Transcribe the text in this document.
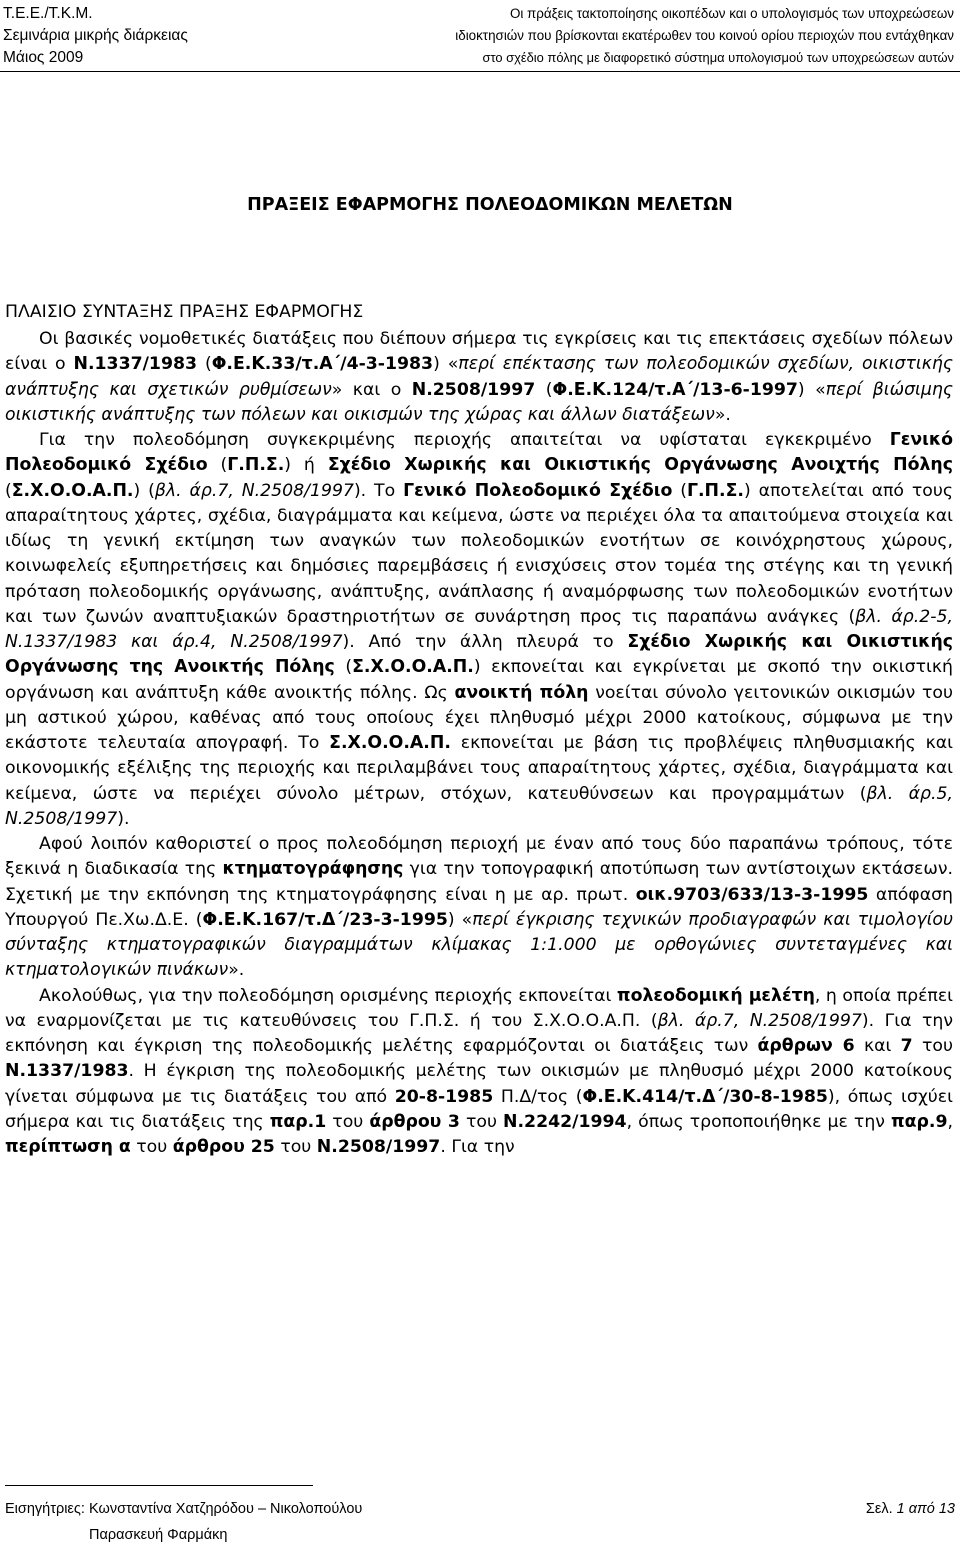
Τ.Ε.Ε./Τ.Κ.Μ.
Σεμινάρια μικρής διάρκειας
Μάιος 2009
Οι πράξεις τακτοποίησης οικοπέδων και ο υπολογισμός των υποχρεώσεων
ιδιοκτησιών που βρίσκονται εκατέρωθεν του κοινού ορίου περιοχών που εντάχθηκαν
στο σχέδιο πόλης με διαφορετικό σύστημα υπολογισμού των υποχρεώσεων αυτών
ΠΡΑΞΕΙΣ ΕΦΑΡΜΟΓΗΣ ΠΟΛΕΟΔΟΜΙΚΩΝ ΜΕΛΕΤΩΝ
ΠΛΑΙΣΙΟ ΣΥΝΤΑΞΗΣ ΠΡΑΞΗΣ ΕΦΑΡΜΟΓΗΣ

Οι βασικές νομοθετικές διατάξεις που διέπουν σήμερα τις εγκρίσεις και τις επεκτάσεις σχεδίων πόλεων είναι ο Ν.1337/1983 (Φ.Ε.Κ.33/τ.Α΄/4-3-1983) «περί επέκτασης των πολεοδομικών σχεδίων, οικιστικής ανάπτυξης και σχετικών ρυθμίσεων» και ο Ν.2508/1997 (Φ.Ε.Κ.124/τ.Α΄/13-6-1997) «περί βιώσιμης οικιστικής ανάπτυξης των πόλεων και οικισμών της χώρας και άλλων διατάξεων».

Για την πολεοδόμηση συγκεκριμένης περιοχής απαιτείται να υφίσταται εγκεκριμένο Γενικό Πολεοδομικό Σχέδιο (Γ.Π.Σ.) ή Σχέδιο Χωρικής και Οικιστικής Οργάνωσης Ανοιχτής Πόλης (Σ.Χ.Ο.Ο.Α.Π.) (βλ. άρ.7, Ν.2508/1997). Το Γενικό Πολεοδομικό Σχέδιο (Γ.Π.Σ.) αποτελείται από τους απαραίτητους χάρτες, σχέδια, διαγράμματα και κείμενα, ώστε να περιέχει όλα τα απαιτούμενα στοιχεία και ιδίως τη γενική εκτίμηση των αναγκών των πολεοδομικών ενοτήτων σε κοινόχρηστους χώρους, κοινωφελείς εξυπηρετήσεις και δημόσιες παρεμβάσεις ή ενισχύσεις στον τομέα της στέγης και τη γενική πρόταση πολεοδομικής οργάνωσης, ανάπτυξης, ανάπλασης ή αναμόρφωσης των πολεοδομικών ενοτήτων και των ζωνών αναπτυξιακών δραστηριοτήτων σε συνάρτηση προς τις παραπάνω ανάγκες (βλ. άρ.2-5, Ν.1337/1983 και άρ.4, Ν.2508/1997). Από την άλλη πλευρά το Σχέδιο Χωρικής και Οικιστικής Οργάνωσης της Ανοικτής Πόλης (Σ.Χ.Ο.Ο.Α.Π.) εκπονείται και εγκρίνεται με σκοπό την οικιστική οργάνωση και ανάπτυξη κάθε ανοικτής πόλης. Ως ανοικτή πόλη νοείται σύνολο γειτονικών οικισμών του μη αστικού χώρου, καθένας από τους οποίους έχει πληθυσμό μέχρι 2000 κατοίκους, σύμφωνα με την εκάστοτε τελευταία απογραφή. Το Σ.Χ.Ο.Ο.Α.Π. εκπονείται με βάση τις προβλέψεις πληθυσμιακής και οικονομικής εξέλιξης της περιοχής και περιλαμβάνει τους απαραίτητους χάρτες, σχέδια, διαγράμματα και κείμενα, ώστε να περιέχει σύνολο μέτρων, στόχων, κατευθύνσεων και προγραμμάτων (βλ. άρ.5, Ν.2508/1997).

Αφού λοιπόν καθοριστεί ο προς πολεοδόμηση περιοχή με έναν από τους δύο παραπάνω τρόπους, τότε ξεκινά η διαδικασία της κτηματογράφησης για την τοπογραφική αποτύπωση των αντίστοιχων εκτάσεων. Σχετική με την εκπόνηση της κτηματογράφησης είναι η με αρ. πρωτ. οικ.9703/633/13-3-1995 απόφαση Υπουργού Πε.Χω.Δ.Ε. (Φ.Ε.Κ.167/τ.Δ΄/23-3-1995) «περί έγκρισης τεχνικών προδιαγραφών και τιμολογίου σύνταξης κτηματογραφικών διαγραμμάτων κλίμακας 1:1.000 με ορθογώνιες συντεταγμένες και κτηματολογικών πινάκων».

Ακολούθως, για την πολεοδόμηση ορισμένης περιοχής εκπονείται πολεοδομική μελέτη, η οποία πρέπει να εναρμονίζεται με τις κατευθύνσεις του Γ.Π.Σ. ή του Σ.Χ.Ο.Ο.Α.Π. (βλ. άρ.7, Ν.2508/1997). Για την εκπόνηση και έγκριση της πολεοδομικής μελέτης εφαρμόζονται οι διατάξεις των άρθρων 6 και 7 του Ν.1337/1983. Η έγκριση της πολεοδομικής μελέτης των οικισμών με πληθυσμό μέχρι 2000 κατοίκους γίνεται σύμφωνα με τις διατάξεις του από 20-8-1985 Π.Δ/τος (Φ.Ε.Κ.414/τ.Δ΄/30-8-1985), όπως ισχύει σήμερα και τις διατάξεις της παρ.1 του άρθρου 3 του Ν.2242/1994, όπως τροποποιήθηκε με την παρ.9, περίπτωση α του άρθρου 25 του Ν.2508/1997. Για την

Εισηγήτριες: Κωνσταντίνα Χατζηρόδου – Νικολοπούλου
Παρασκευή Φαρμάκη
Σελ. 1 από 13
